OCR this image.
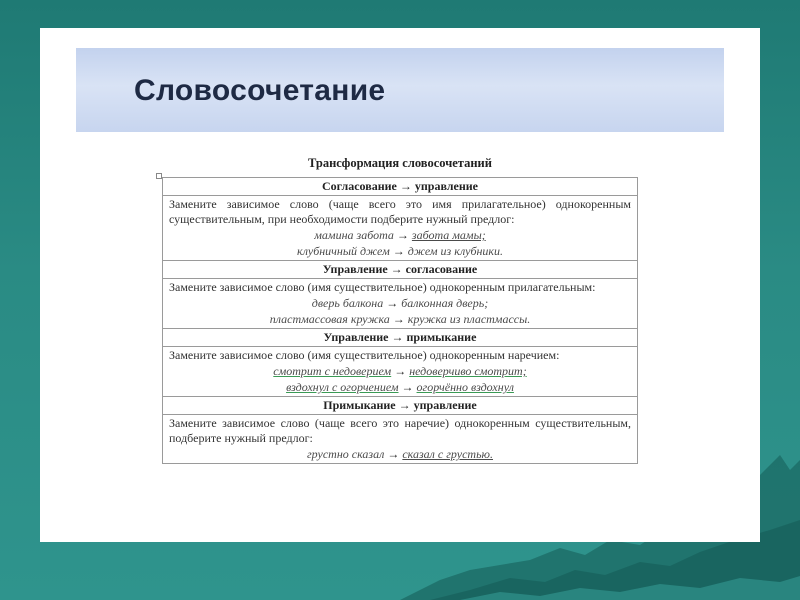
Словосочетание
Трансформация словосочетаний
Согласование → управление

Замените зависимое слово (чаще всего это имя прилагательное) однокоренным существительным, при необходимости подберите нужный предлог:
мамина забота → забота мамы;
клубничный джем → джем из клубники.

Управление → согласование

Замените зависимое слово (имя существительное) однокоренным прилагательным:
дверь балкона → балконная дверь;
пластмассовая кружка → кружка из пластмассы.

Управление → примыкание

Замените зависимое слово (имя существительное) однокоренным наречием:
смотрит с недоверием → недоверчиво смотрит;
вздохнул с огорчением → огорчённо вздохнул

Примыкание → управление

Замените зависимое слово (чаще всего это наречие) однокоренным существительным, подберите нужный предлог:
грустно сказал → сказал с грустью.
